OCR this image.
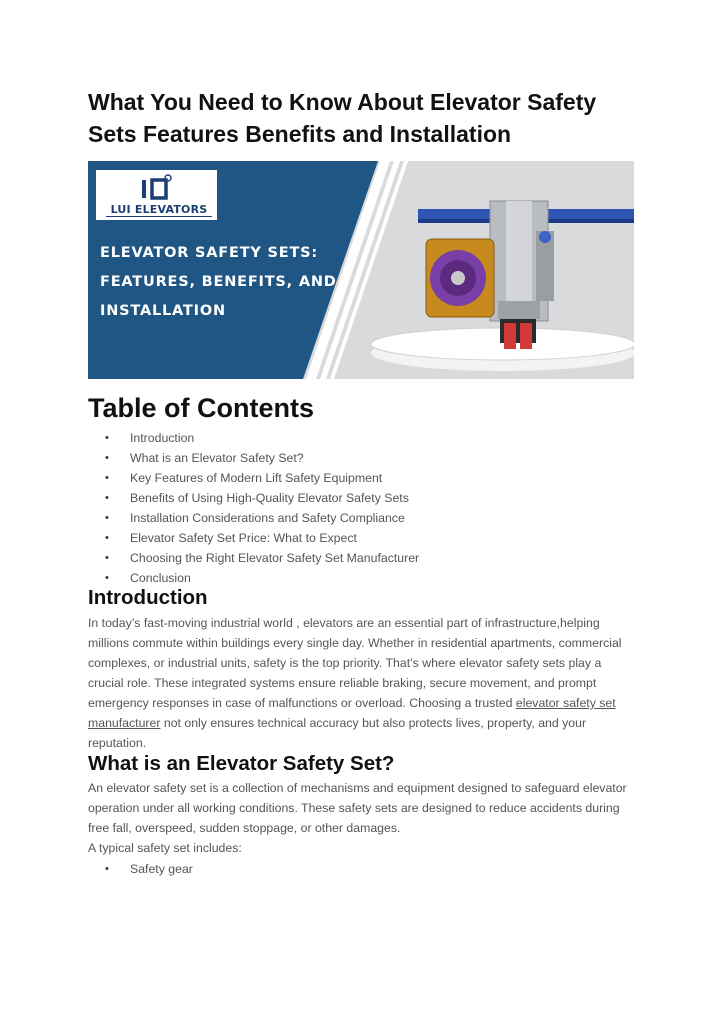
What You Need to Know About Elevator Safety Sets Features Benefits and Installation
LUI ELEVATORS
ELEVATOR SAFETY SETS:
FEATURES, BENEFITS, AND
INSTALLATION
Table of Contents
• Introduction
• What is an Elevator Safety Set?
• Key Features of Modern Lift Safety Equipment
• Benefits of Using High-Quality Elevator Safety Sets
• Installation Considerations and Safety Compliance
• Elevator Safety Set Price: What to Expect
• Choosing the Right Elevator Safety Set Manufacturer
• Conclusion
Introduction

In today’s fast-moving industrial world , elevators are an essential part of infrastructure,helping millions commute within buildings every single day. Whether in residential apartments, commercial complexes, or industrial units, safety is the top priority. That’s where elevator safety sets play a crucial role. These integrated systems ensure reliable braking, secure movement, and prompt emergency responses in case of malfunctions or overload. Choosing a trusted elevator safety set manufacturer not only ensures technical accuracy but also protects lives, property, and your reputation.

What is an Elevator Safety Set?

An elevator safety set is a collection of mechanisms and equipment designed to safeguard elevator operation under all working conditions. These safety sets are designed to reduce accidents during free fall, overspeed, sudden stoppage, or other damages.

A typical safety set includes:

• Safety gear
